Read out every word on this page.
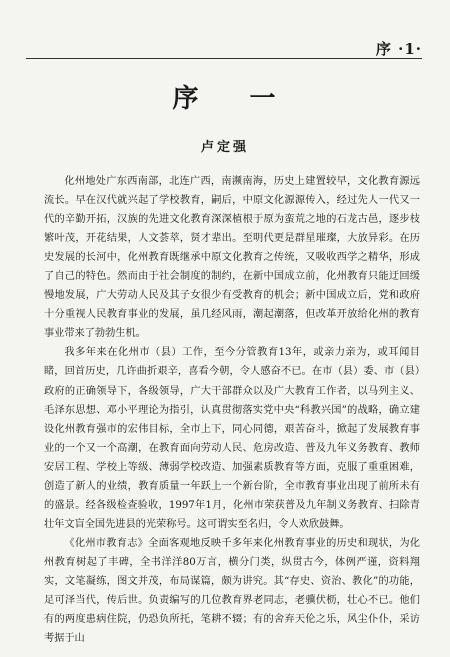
序 ·1·
序 一
卢定强

化州地处广东西南部，北连广西，南濒南海，历史上建置较早，文化教育源远流长。早在汉代就兴起了学校教育，嗣后，中原文化源源传入，经过先人一代又一代的辛勤开拓，汉族的先进文化教育深深植根于原为蛮荒之地的石龙古邑，逐步枝繁叶茂，开花结果，人文荟萃，贤才辈出。至明代更是群星璀璨，大放异彩。在历史发展的长河中，化州教育既继承中原文化教育之传统，又吸收西学之精华，形成了自己的特色。然而由于社会制度的制约，在新中国成立前，化州教育只能迂回缓慢地发展，广大劳动人民及其子女很少有受教育的机会；新中国成立后，党和政府十分重视人民教育事业的发展，虽几经风雨，潮起潮落，但改革开放给化州的教育事业带来了勃勃生机。

我多年来在化州市（县）工作，至今分管教育13年，或亲力亲为，或耳闻目睹，回首历史，几许曲折艰辛，喜看今朝，令人感奋不已。在市（县）委、市（县）政府的正确领导下，各级领导，广大干部群众以及广大教育工作者，以马列主义、毛泽东思想、邓小平理论为指引，认真贯彻落实党中央“科教兴国”的战略，确立建设化州教育强市的宏伟目标，全市上下，同心同德，艰苦奋斗，掀起了发展教育事业的一个又一个高潮，在教育面向劳动人民、危房改造、普及九年义务教育、教师安居工程、学校上等级、薄弱学校改造、加强素质教育等方面，克服了重重困难，创造了新人的业绩，教育质量一年跃上一个新台阶，全市教育事业出现了前所未有的盛景。经各级检查验收，1997年1月，化州市荣获普及九年制义务教育、扫除青壮年文盲全国先进县的光荣称号。这可谓实至名归，令人欢欣鼓舞。

《化州市教育志》全面客观地反映千多年来化州教育事业的历史和现状，为化州教育树起了丰碑，全书洋洋80万言，横分门类，纵贯古今，体例严谨，资料翔实，文笔凝练，图文并茂，布局谋篇，颇为讲究。其“存史、资治、教化”的功能，足可泽当代，传后世。负责编写的几位教育界老同志，老骥伏枥，壮心不已。他们有的两度患病住院，仍恐负所托，笔耕不辍；有的舍弃天伦之乐，风尘仆仆，采访考据于山
